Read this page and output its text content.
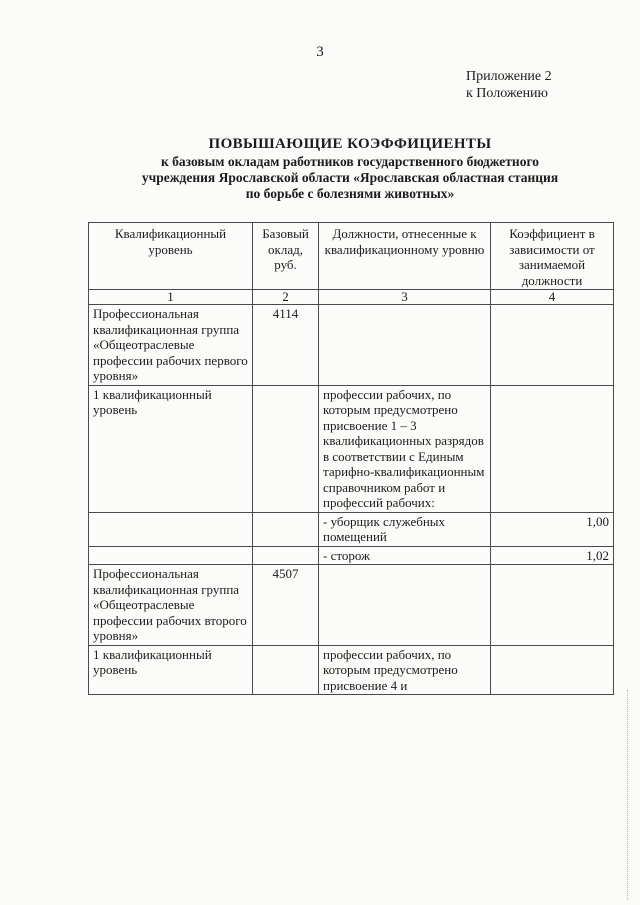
3
Приложение 2
к Положению
ПОВЫШАЮЩИЕ КОЭФФИЦИЕНТЫ
к базовым окладам работников государственного бюджетного
учреждения Ярославской области «Ярославская областная станция
по борьбе с болезнями животных»
Квалификационный уровень	Базовый оклад, руб.	Должности, отнесенные к квалификационному уровню	Коэффициент в зависимости от занимаемой должности
1	2	3	4
Профессиональная квалификационная группа «Общеотраслевые профессии рабочих первого уровня»	4114		
1 квалификационный уровень		профессии рабочих, по которым предусмотрено присвоение 1 – 3 квалификационных разрядов в соответствии с Единым тарифно-квалификационным справочником работ и профессий рабочих:	
		- уборщик служебных помещений	1,00
		- сторож	1,02
Профессиональная квалификационная группа «Общеотраслевые профессии рабочих второго уровня»	4507		
1 квалификационный уровень		профессии рабочих, по которым предусмотрено присвоение 4 и	
